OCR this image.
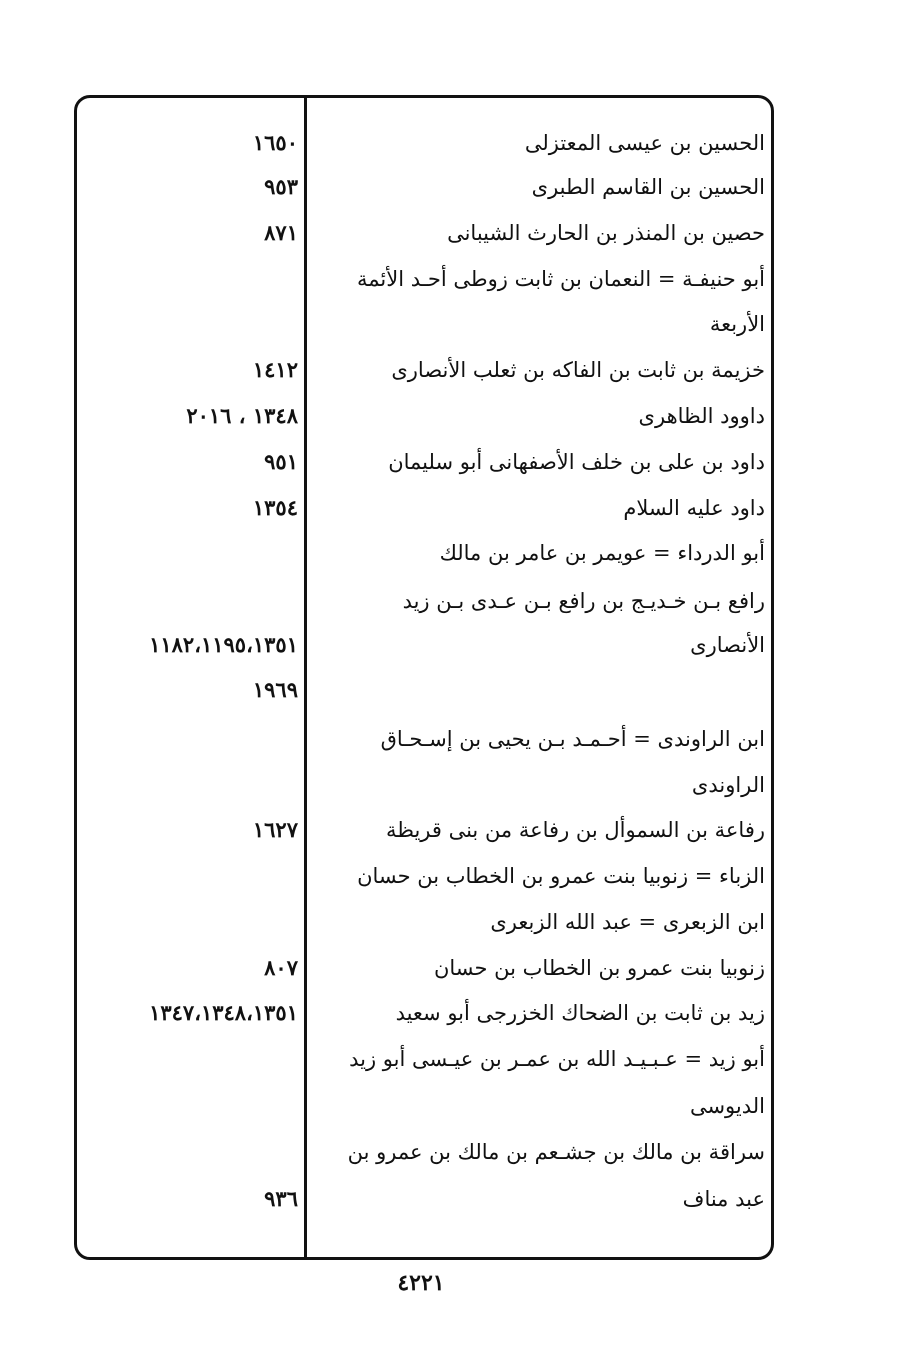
الحسين بن عيسى المعتزلى
١٦٥٠
الحسين بن القاسم الطبرى
٩٥٣
حصين بن المنذر بن الحارث الشيبانى
٨٧١
أبو حنيفـة = النعمان بن ثابت زوطى أحـد الأئمة
الأربعة
خزيمة بن ثابت بن الفاكه بن ثعلب الأنصارى
١٤١٢
داوود الظاهرى
١٣٤٨ ، ٢٠١٦
داود بن على بن خلف الأصفهانى أبو سليمان
٩٥١
داود عليه السلام
١٣٥٤
أبو الدرداء = عويمر بن عامر بن مالك
رافع بـن خـديـج بن رافع بـن عـدى بـن زيد
الأنصارى
١١٨٢،١١٩٥،١٣٥١
١٩٦٩
ابن الراوندى = أحـمـد بـن يحيى بن إسـحـاق
الراوندى
رفاعة بن السموأل بن رفاعة من بنى قريظة
١٦٢٧
الزباء = زنوبيا بنت عمرو بن الخطاب بن حسان
ابن الزبعرى = عبد الله الزبعرى
زنوبيا بنت عمرو بن الخطاب بن حسان
٨٠٧
زيد بن ثابت بن الضحاك الخزرجى أبو سعيد
١٣٤٧،١٣٤٨،١٣٥١
أبو زيد = عـبـيـد الله بن عمـر بن عيـسى أبو زيد
الديوسى
سراقة بن مالك بن جشـعم بن مالك بن عمرو بن
عبد مناف
٩٣٦
٤٢٢١
